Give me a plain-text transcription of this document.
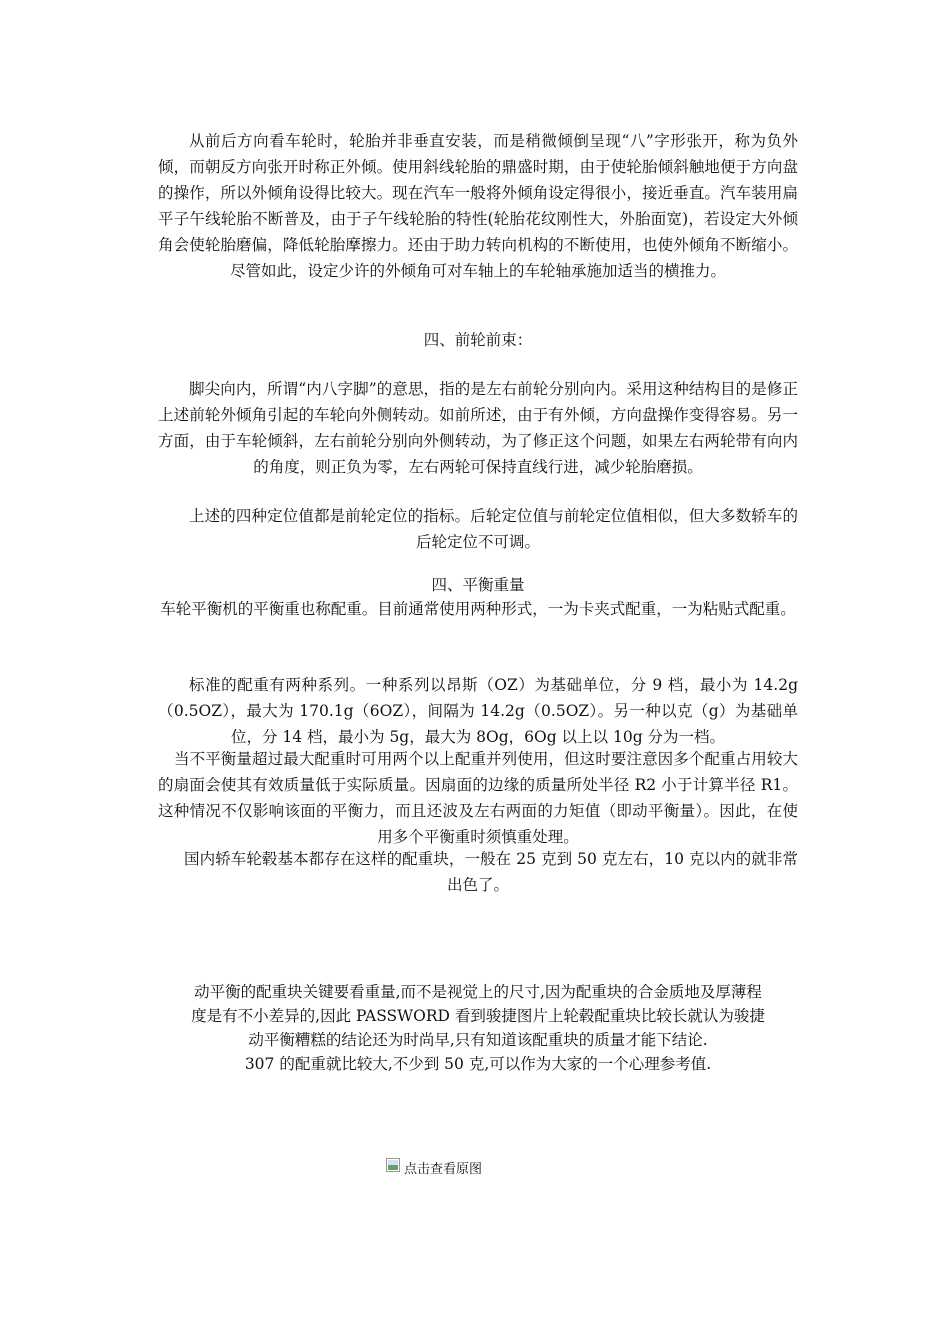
从前后方向看车轮时，轮胎并非垂直安装，而是稍微倾倒呈现“八”字形张开，称为负外倾，而朝反方向张开时称正外倾。使用斜线轮胎的鼎盛时期，由于使轮胎倾斜触地便于方向盘的操作，所以外倾角设得比较大。现在汽车一般将外倾角设定得很小，接近垂直。汽车装用扁平子午线轮胎不断普及，由于子午线轮胎的特性(轮胎花纹刚性大，外胎面宽)，若设定大外倾角会使轮胎磨偏，降低轮胎摩擦力。还由于助力转向机构的不断使用，也使外倾角不断缩小。尽管如此，设定少许的外倾角可对车轴上的车轮轴承施加适当的横推力。

四、前轮前束：

脚尖向内，所谓“内八字脚”的意思，指的是左右前轮分别向内。采用这种结构目的是修正上述前轮外倾角引起的车轮向外侧转动。如前所述，由于有外倾，方向盘操作变得容易。另一方面，由于车轮倾斜，左右前轮分别向外侧转动，为了修正这个问题，如果左右两轮带有向内的角度，则正负为零，左右两轮可保持直线行进，减少轮胎磨损。

上述的四种定位值都是前轮定位的指标。后轮定位值与前轮定位值相似，但大多数轿车的后轮定位不可调。

四、平衡重量

车轮平衡机的平衡重也称配重。目前通常使用两种形式，一为卡夹式配重，一为粘贴式配重。

标准的配重有两种系列。一种系列以昂斯（OZ）为基础单位，分 9 档，最小为 14.2g（0.5OZ），最大为 170.1g（6OZ），间隔为 14.2g（0.5OZ）。另一种以克（g）为基础单位，分 14 档，最小为 5g，最大为 8Og，6Og 以上以 10g 分为一档。

当不平衡量超过最大配重时可用两个以上配重并列使用，但这时要注意因多个配重占用较大的扇面会使其有效质量低于实际质量。因扇面的边缘的质量所处半径 R2 小于计算半径 R1。这种情况不仅影响该面的平衡力，而且还波及左右两面的力矩值（即动平衡量）。因此，在使用多个平衡重时须慎重处理。

国内轿车轮毂基本都存在这样的配重块，一般在 25 克到 50 克左右，10 克以内的就非常出色了。

动平衡的配重块关键要看重量,而不是视觉上的尺寸,因为配重块的合金质地及厚薄程
度是有不小差异的,因此 PASSWORD 看到骏捷图片上轮毂配重块比较长就认为骏捷
动平衡糟糕的结论还为时尚早,只有知道该配重块的质量才能下结论.
307 的配重就比较大,不少到 50 克,可以作为大家的一个心理参考值.
点击查看原图
